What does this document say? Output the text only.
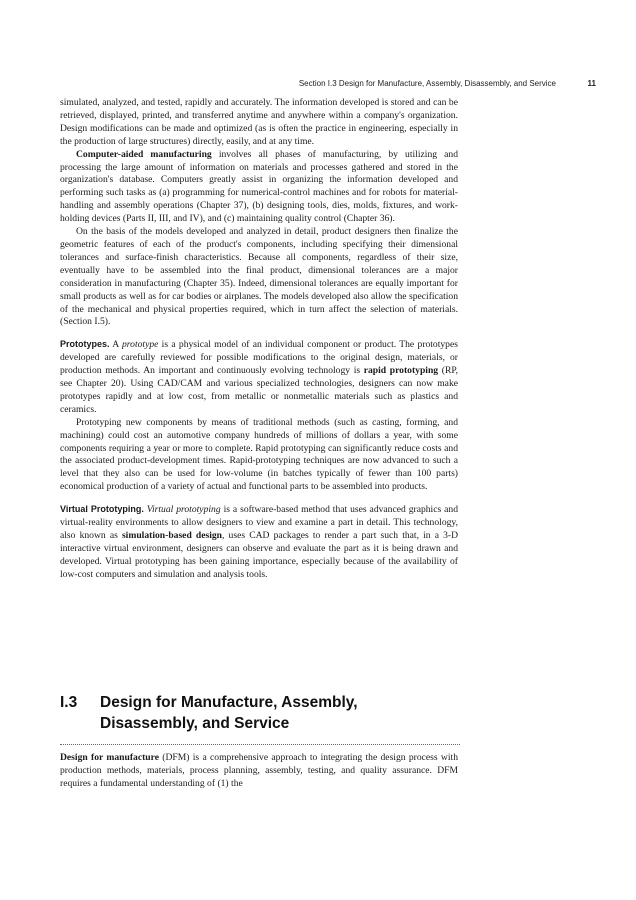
Section I.3 Design for Manufacture, Assembly, Disassembly, and Service	11

simulated, analyzed, and tested, rapidly and accurately. The information developed is stored and can be retrieved, displayed, printed, and transferred anytime and anywhere within a company's organization. Design modifications can be made and optimized (as is often the practice in engineering, especially in the production of large structures) directly, easily, and at any time.

Computer-aided manufacturing involves all phases of manufacturing, by utilizing and processing the large amount of information on materials and processes gathered and stored in the organization's database. Computers greatly assist in organizing the information developed and performing such tasks as (a) programming for numerical-control machines and for robots for material-handling and assembly operations (Chapter 37), (b) designing tools, dies, molds, fixtures, and work-holding devices (Parts II, III, and IV), and (c) maintaining quality control (Chapter 36).

On the basis of the models developed and analyzed in detail, product designers then finalize the geometric features of each of the product's components, including specifying their dimensional tolerances and surface-finish characteristics. Because all components, regardless of their size, eventually have to be assembled into the final product, dimensional tolerances are a major consideration in manufacturing (Chapter 35). Indeed, dimensional tolerances are equally important for small products as well as for car bodies or airplanes. The models developed also allow the specification of the mechanical and physical properties required, which in turn affect the selection of materials. (Section I.5).

Prototypes. A prototype is a physical model of an individual component or product. The prototypes developed are carefully reviewed for possible modifications to the original design, materials, or production methods. An important and continuously evolving technology is rapid prototyping (RP, see Chapter 20). Using CAD/CAM and various specialized technologies, designers can now make prototypes rapidly and at low cost, from metallic or nonmetallic materials such as plastics and ceramics.

Prototyping new components by means of traditional methods (such as casting, forming, and machining) could cost an automotive company hundreds of millions of dollars a year, with some components requiring a year or more to complete. Rapid prototyping can significantly reduce costs and the associated product-development times. Rapid-prototyping techniques are now advanced to such a level that they also can be used for low-volume (in batches typically of fewer than 100 parts) economical production of a variety of actual and functional parts to be assembled into products.

Virtual Prototyping. Virtual prototyping is a software-based method that uses advanced graphics and virtual-reality environments to allow designers to view and examine a part in detail. This technology, also known as simulation-based design, uses CAD packages to render a part such that, in a 3-D interactive virtual environment, designers can observe and evaluate the part as it is being drawn and developed. Virtual prototyping has been gaining importance, especially because of the availability of low-cost computers and simulation and analysis tools.

I.3 Design for Manufacture, Assembly, Disassembly, and Service

Design for manufacture (DFM) is a comprehensive approach to integrating the design process with production methods, materials, process planning, assembly, testing, and quality assurance. DFM requires a fundamental understanding of (1) the
